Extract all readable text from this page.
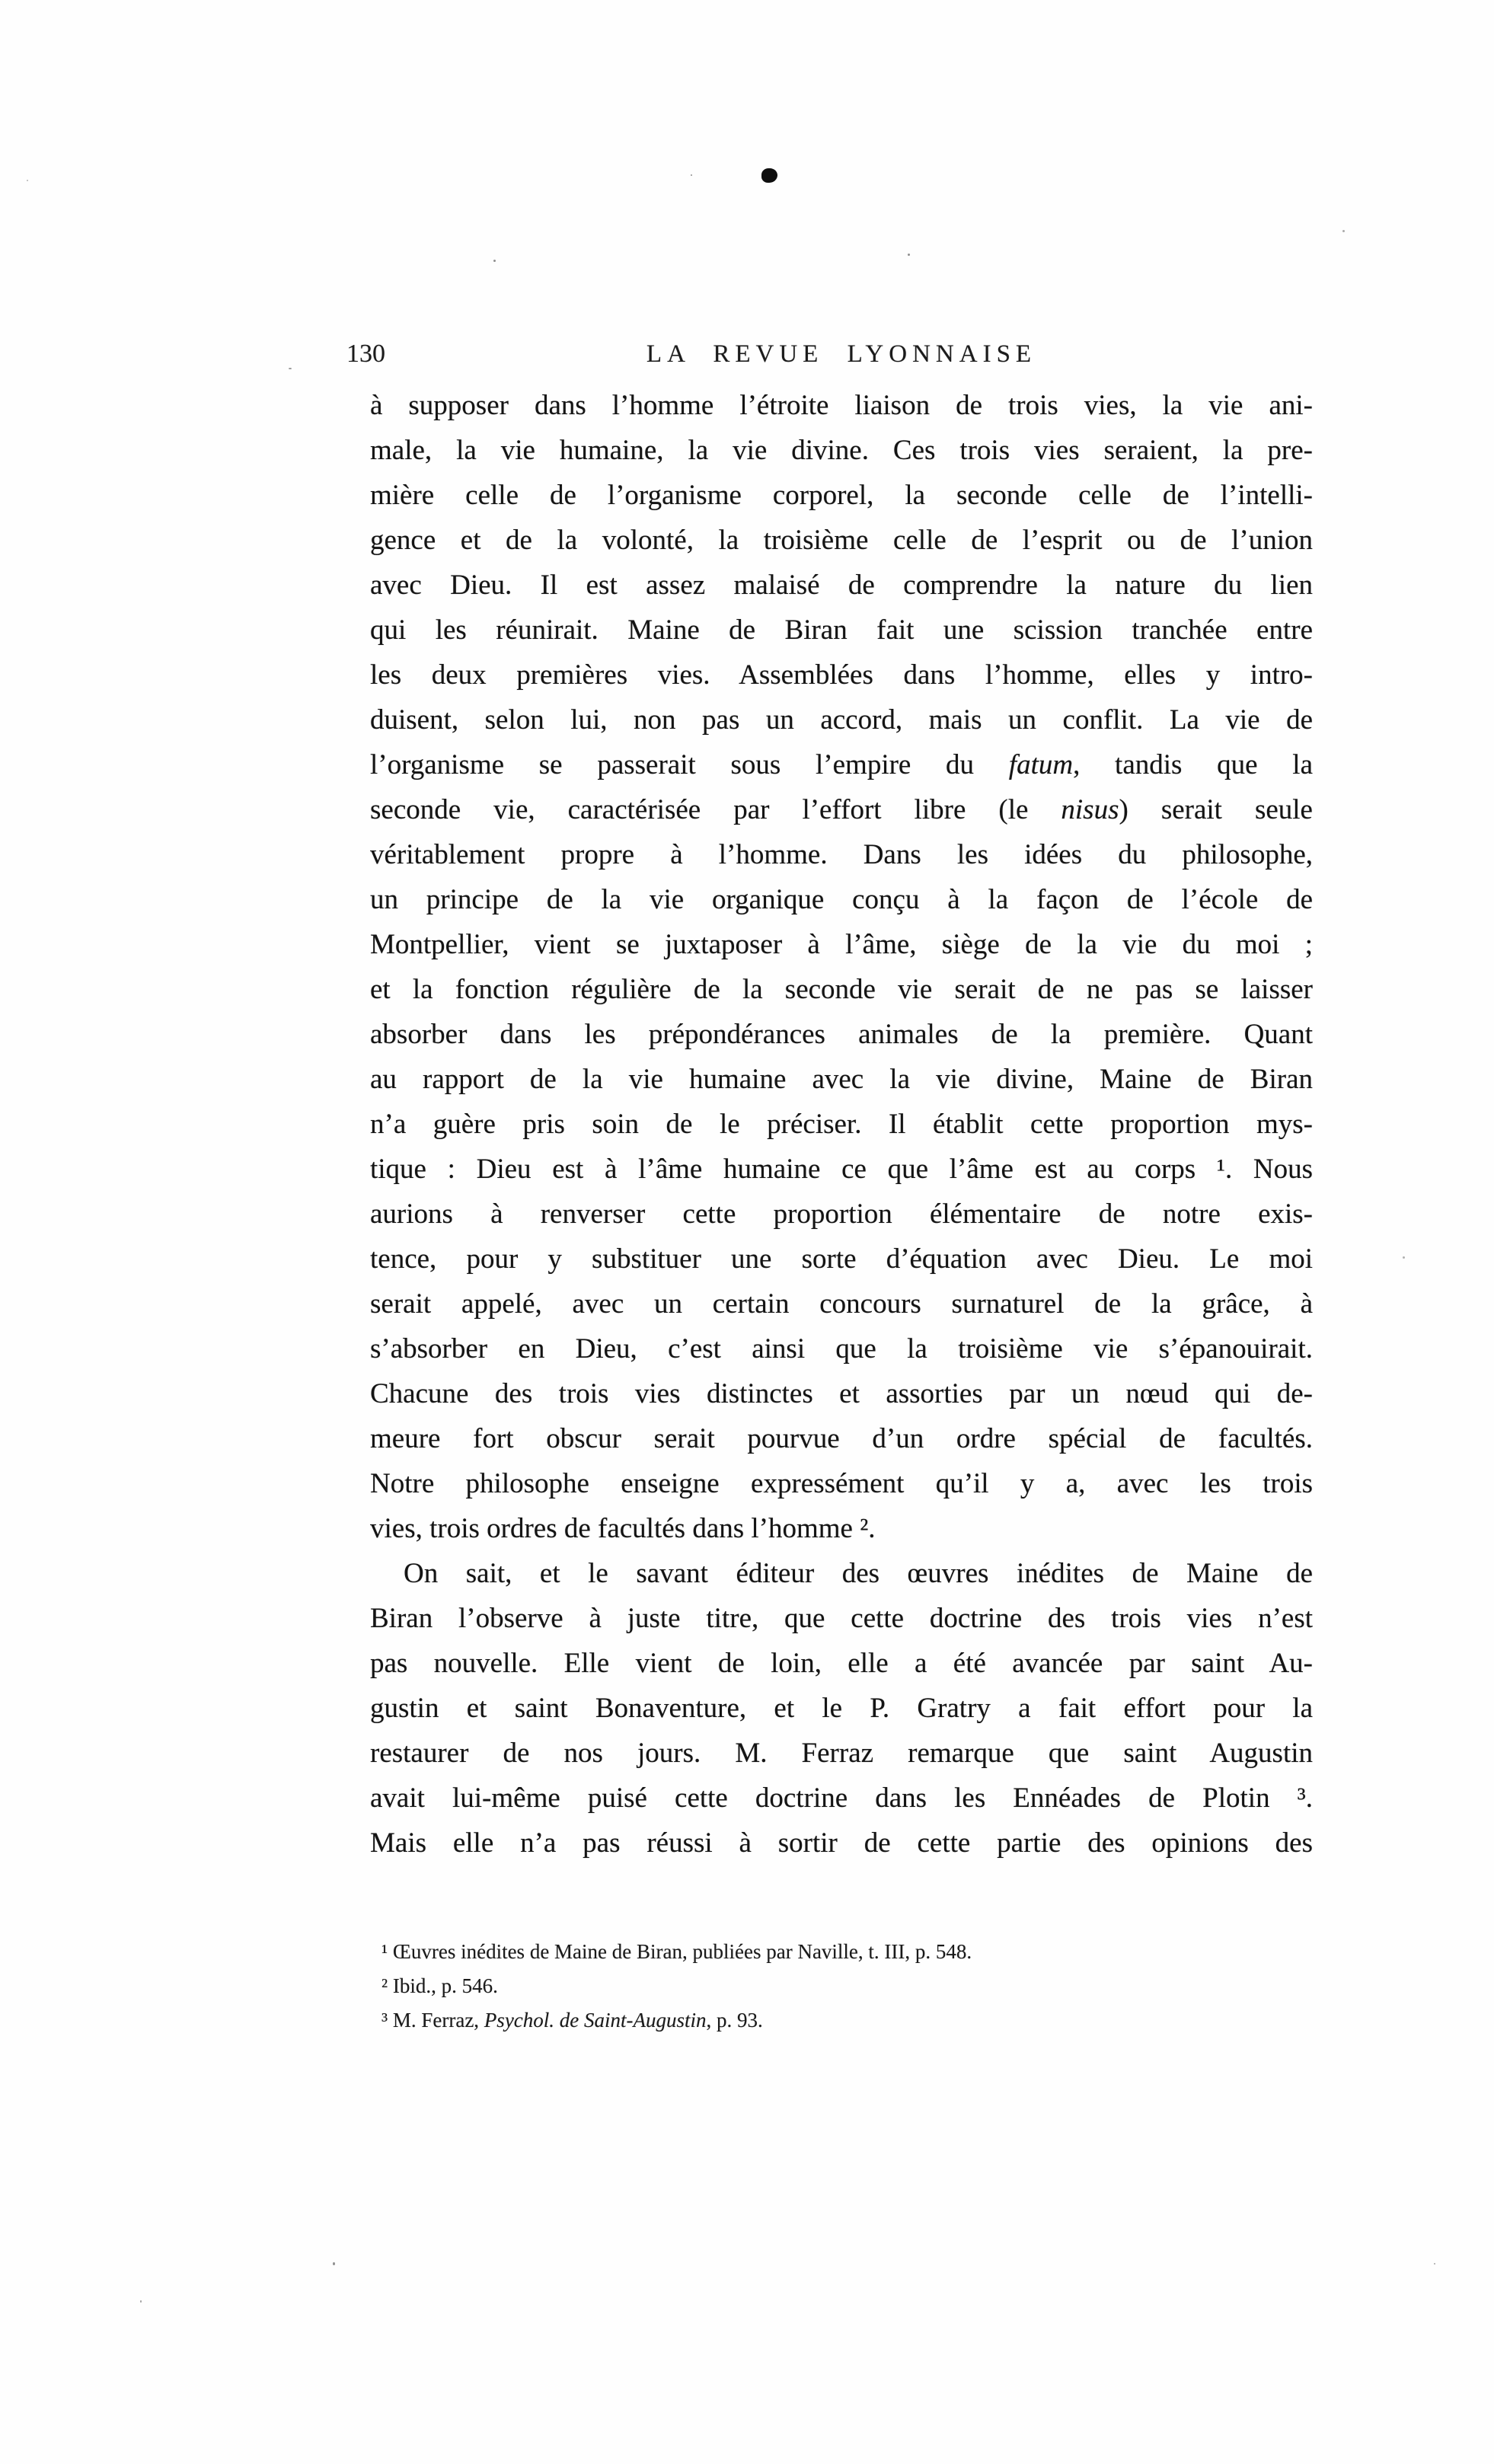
130	LA REVUE LYONNAISE
à supposer dans l’homme l’étroite liaison de trois vies, la vie ani-
male, la vie humaine, la vie divine. Ces trois vies seraient, la pre-
mière celle de l’organisme corporel, la seconde celle de l’intelli-
gence et de la volonté, la troisième celle de l’esprit ou de l’union
avec Dieu. Il est assez malaisé de comprendre la nature du lien
qui les réunirait. Maine de Biran fait une scission tranchée entre
les deux premières vies. Assemblées dans l’homme, elles y intro-
duisent, selon lui, non pas un accord, mais un conflit. La vie de
l’organisme se passerait sous l’empire du fatum, tandis que la
seconde vie, caractérisée par l’effort libre (le nisus) serait seule
véritablement propre à l’homme. Dans les idées du philosophe,
un principe de la vie organique conçu à la façon de l’école de
Montpellier, vient se juxtaposer à l’âme, siège de la vie du moi ;
et la fonction régulière de la seconde vie serait de ne pas se laisser
absorber dans les prépondérances animales de la première. Quant
au rapport de la vie humaine avec la vie divine, Maine de Biran
n’a guère pris soin de le préciser. Il établit cette proportion mys-
tique : Dieu est à l’âme humaine ce que l’âme est au corps ¹. Nous
aurions à renverser cette proportion élémentaire de notre exis-
tence, pour y substituer une sorte d’équation avec Dieu. Le moi
serait appelé, avec un certain concours surnaturel de la grâce, à
s’absorber en Dieu, c’est ainsi que la troisième vie s’épanouirait.
Chacune des trois vies distinctes et assorties par un nœud qui de-
meure fort obscur serait pourvue d’un ordre spécial de facultés.
Notre philosophe enseigne expressément qu’il y a, avec les trois
vies, trois ordres de facultés dans l’homme ².
On sait, et le savant éditeur des œuvres inédites de Maine de
Biran l’observe à juste titre, que cette doctrine des trois vies n’est
pas nouvelle. Elle vient de loin, elle a été avancée par saint Au-
gustin et saint Bonaventure, et le P. Gratry a fait effort pour la
restaurer de nos jours. M. Ferraz remarque que saint Augustin
avait lui-même puisé cette doctrine dans les Ennéades de Plotin ³.
Mais elle n’a pas réussi à sortir de cette partie des opinions des
¹ Œuvres inédites de Maine de Biran, publiées par Naville, t. III, p. 548.
² Ibid., p. 546.
³ M. Ferraz, Psychol. de Saint-Augustin, p. 93.
